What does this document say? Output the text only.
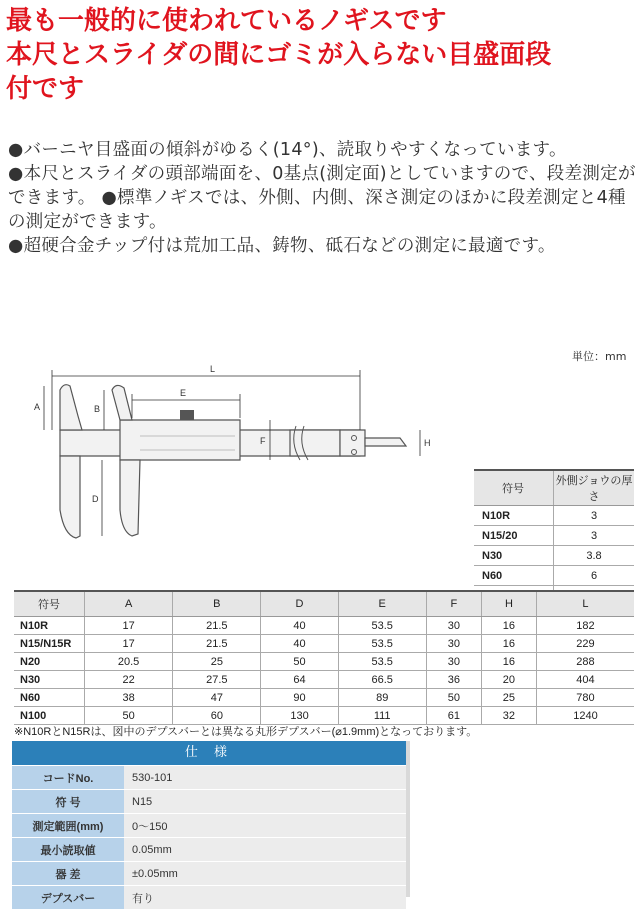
最も一般的に使われているノギスです
本尺とスライダの間にゴミが入らない目盛面段
付です

●バーニヤ目盛面の傾斜がゆるく(14°)、読取りやすくなっています。

●本尺とスライダの頭部端面を、0基点(測定面)としていますので、段差測定ができます。 ●標準ノギスでは、外側、内側、深さ測定のほかに段差測定と4種の測定ができます。

●超硬合金チップ付は荒加工品、鋳物、砥石などの測定に最適です。

単位：mm
L
E
A	B
F
D
H
符号	外側ジョウの厚さ
N10R	3
N15/20	3
N30	3.8
N60	6

符号	A	B	D	E	F	H	L
N10R	17	21.5	40	53.5	30	16	182
N15/N15R	17	21.5	40	53.5	30	16	229
N20	20.5	25	50	53.5	30	16	288
N30	22	27.5	64	66.5	36	20	404
N60	38	47	90	89	50	25	780
N100	50	60	130	111	61	32	1240
※N10RとN15Rは、図中のデプスバーとは異なる丸形デプスバー(⌀1.9mm)となっております。
仕 様
コードNo.	530-101
符 号	N15
測定範囲(mm)	0〜150
最小読取値	0.05mm
器 差	±0.05mm
デプスバー	有り
